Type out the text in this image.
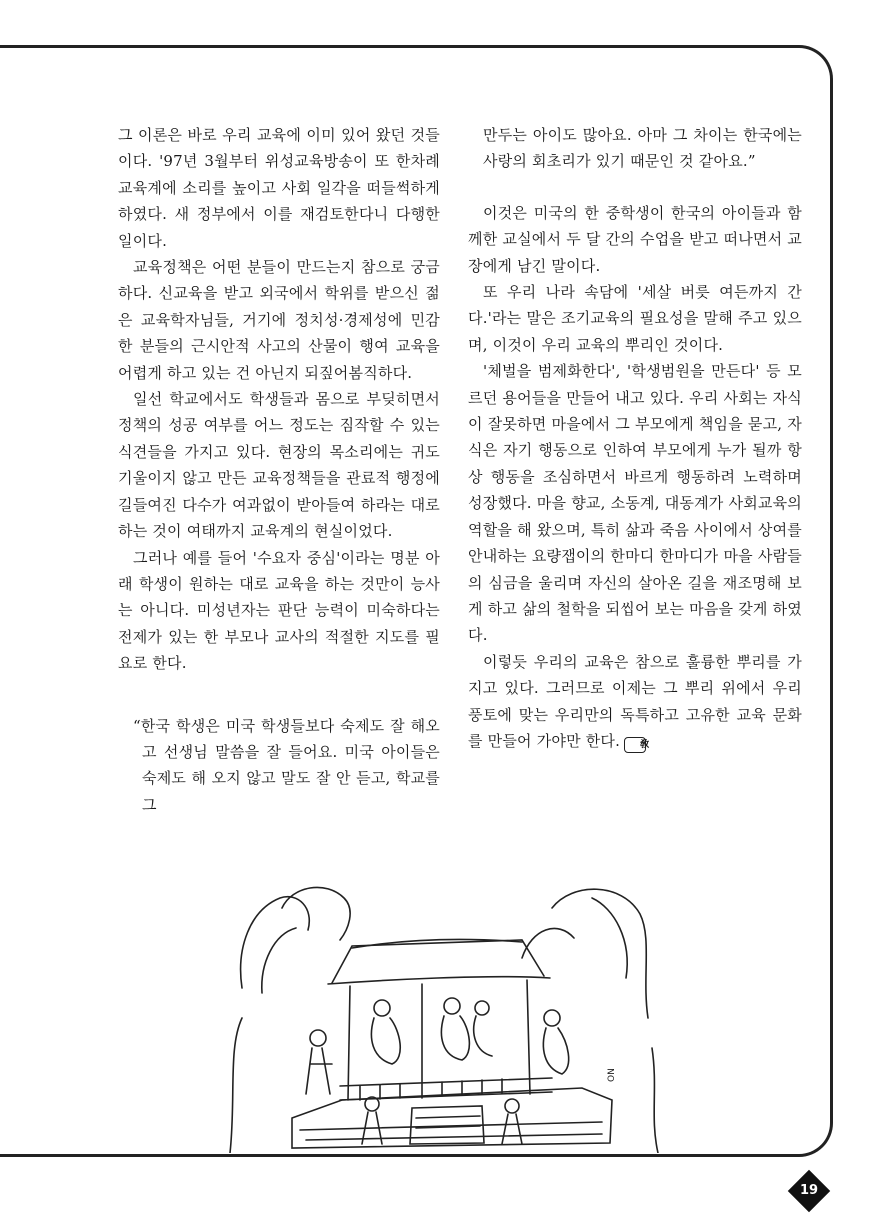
그 이론은 바로 우리 교육에 이미 있어 왔던 것들이다. '97년 3월부터 위성교육방송이 또 한차례 교육계에 소리를 높이고 사회 일각을 떠들썩하게 하였다. 새 정부에서 이를 재검토한다니 다행한 일이다.

교육정책은 어떤 분들이 만드는지 참으로 궁금하다. 신교육을 받고 외국에서 학위를 받으신 젊은 교육학자님들, 거기에 정치성·경제성에 민감한 분들의 근시안적 사고의 산물이 행여 교육을 어렵게 하고 있는 건 아닌지 되짚어봄직하다.

일선 학교에서도 학생들과 몸으로 부딪히면서 정책의 성공 여부를 어느 정도는 짐작할 수 있는 식견들을 가지고 있다. 현장의 목소리에는 귀도 기울이지 않고 만든 교육정책들을 관료적 행정에 길들여진 다수가 여과없이 받아들여 하라는 대로 하는 것이 여태까지 교육계의 현실이었다.

그러나 예를 들어 '수요자 중심'이라는 명분 아래 학생이 원하는 대로 교육을 하는 것만이 능사는 아니다. 미성년자는 판단 능력이 미숙하다는 전제가 있는 한 부모나 교사의 적절한 지도를 필요로 한다.

“한국 학생은 미국 학생들보다 숙제도 잘 해오고 선생님 말씀을 잘 들어요. 미국 아이들은 숙제도 해 오지 않고 말도 잘 안 듣고, 학교를 그

만두는 아이도 많아요. 아마 그 차이는 한국에는 사랑의 회초리가 있기 때문인 것 같아요.”

이것은 미국의 한 중학생이 한국의 아이들과 함께한 교실에서 두 달 간의 수업을 받고 떠나면서 교장에게 남긴 말이다.

또 우리 나라 속담에 '세살 버릇 여든까지 간다.'라는 말은 조기교육의 필요성을 말해 주고 있으며, 이것이 우리 교육의 뿌리인 것이다.

'체벌을 범제화한다', '학생범원을 만든다' 등 모르던 용어들을 만들어 내고 있다. 우리 사회는 자식이 잘못하면 마을에서 그 부모에게 책임을 묻고, 자식은 자기 행동으로 인하여 부모에게 누가 될까 항상 행동을 조심하면서 바르게 행동하려 노력하며 성장했다. 마을 향교, 소동계, 대동계가 사회교육의 역할을 해 왔으며, 특히 삶과 죽음 사이에서 상여를 안내하는 요량잽이의 한마디 한마디가 마을 사람들의 심금을 울리며 자신의 살아온 길을 재조명해 보게 하고 삶의 철학을 되씹어 보는 마음을 갖게 하였다.

이렇듯 우리의 교육은 참으로 훌륭한 뿌리를 가지고 있다. 그러므로 이제는 그 뿌리 위에서 우리 풍토에 맞는 우리만의 독특하고 고유한 교육 문화를 만들어 가야만 한다. 敎

ON
19
